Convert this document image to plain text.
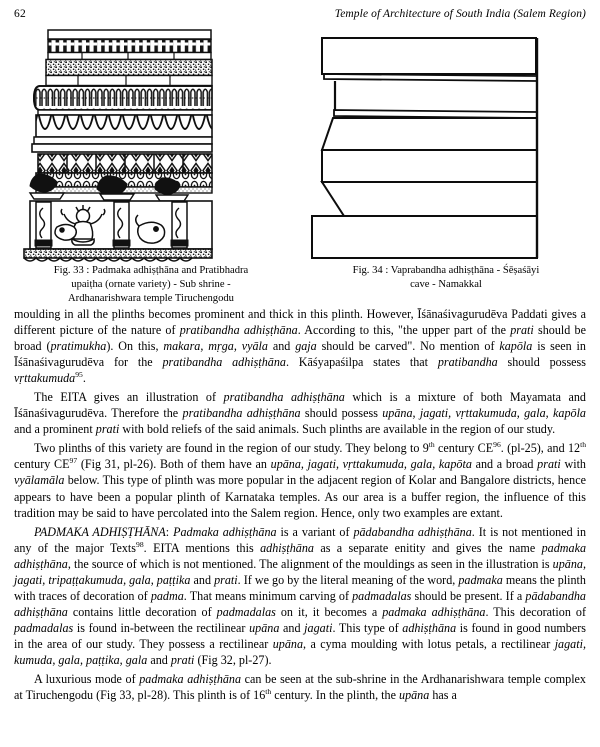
62	Temple of Architecture of South India (Salem Region)
Fig. 33 : Padmaka adhiṣṭhāna and Pratibhadra
upaiṭha (ornate variety) - Sub shrine -
Ardhanarishwara temple Tiruchengodu
Fig. 34 : Vaprabandha adhiṣṭhāna - Śēṣaśāyi
cave - Namakkal

moulding in all the plinths becomes prominent and thick in this plinth. However, Īśānaśivagurudēva Paddati gives a different picture of the nature of pratibandha adhiṣṭhāna. According to this, "the upper part of the prati should be broad (pratimukha). On this, makara, mṛga, vyāla and gaja should be carved". No mention of kapōla is seen in Īśānaśivagurudēva for the pratibandha adhiṣṭhāna. Kāśyapaśilpa states that pratibandha should possess vṛttakumuda$^{95}$.

The EITA gives an illustration of pratibandha adhiṣṭhāna which is a mixture of both Mayamata and Īśānaśivagurudēva. Therefore the pratibandha adhiṣṭhāna should possess upāna, jagati, vṛttakumuda, gala, kapōla and a prominent prati with bold reliefs of the said animals. Such plinths are available in the region of our study.

Two plinths of this variety are found in the region of our study. They belong to 9th century CE$^{96}$. (pl-25), and 12th century CE$^{97}$ (Fig 31, pl-26). Both of them have an upāna, jagati, vṛttakumuda, gala, kapōta and a broad prati with vyālamāla below. This type of plinth was more popular in the adjacent region of Kolar and Bangalore districts, hence appears to have been a popular plinth of Karnataka temples. As our area is a buffer region, the influence of this tradition may be said to have percolated into the Salem region. Hence, only two examples are extant.

PADMAKA ADHIṢṬHĀNA: Padmaka adhiṣṭhāna is a variant of pādabandha adhiṣṭhāna. It is not mentioned in any of the major Texts$^{98}$. EITA mentions this adhiṣṭhāna as a separate enitity and gives the name padmaka adhiṣṭhāna, the source of which is not mentioned. The alignment of the mouldings as seen in the illustration is upāna, jagati, tripaṭṭakumuda, gala, paṭṭika and prati. If we go by the literal meaning of the word, padmaka means the plinth with traces of decoration of padma. That means minimum carving of padmadalas should be present. If a pādabandha adhiṣṭhāna contains little decoration of padmadalas on it, it becomes a padmaka adhiṣṭhāna. This decoration of padmadalas is found in-between the rectilinear upāna and jagati. This type of adhiṣṭhāna is found in good numbers in the area of our study. They possess a rectilinear upāna, a cyma moulding with lotus petals, a rectilinear jagati, kumuda, gala, paṭṭika, gala and prati (Fig 32, pl-27).

A luxurious mode of padmaka adhiṣṭhāna can be seen at the sub-shrine in the Ardhanarishwara temple complex at Tiruchengodu (Fig 33, pl-28). This plinth is of 16th century. In the plinth, the upāna has a
